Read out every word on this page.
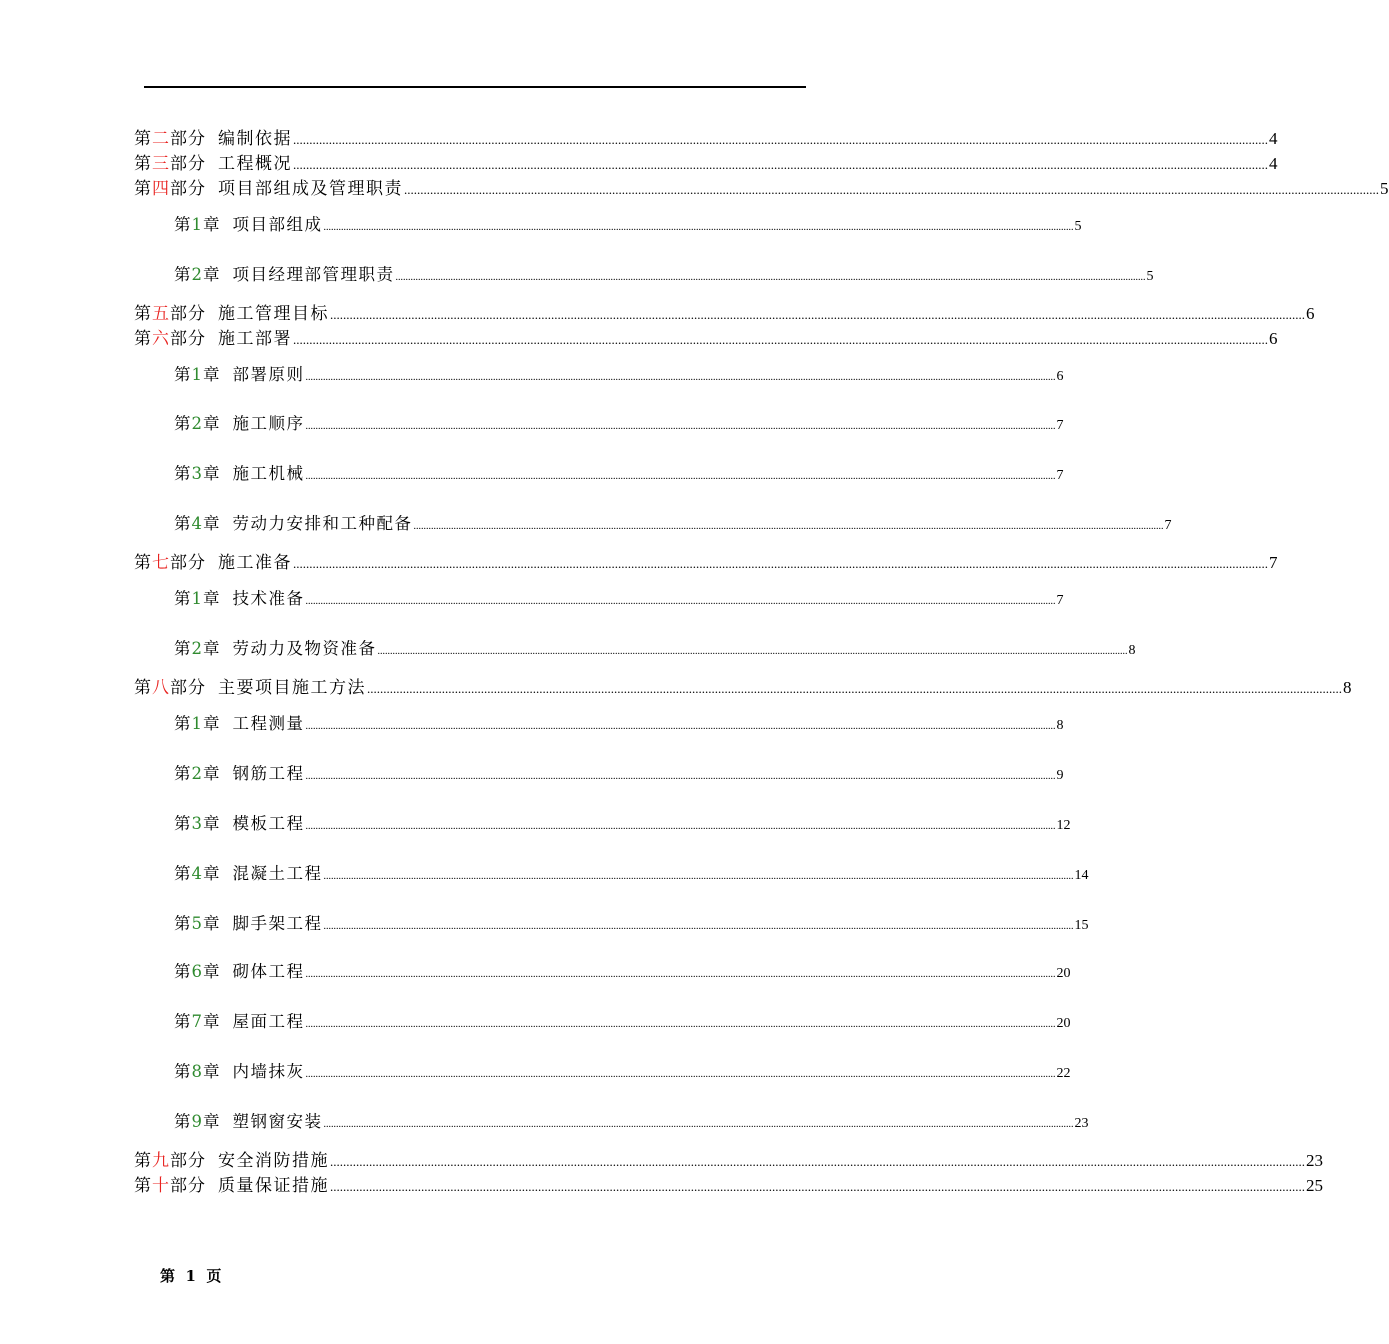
第二部分 编制依据 ............................................................................................................................................................................................................................................................................................................ 4
第三部分 工程概况 ............................................................................................................................................................................................................................................................................................................ 4
第四部分 项目部组成及管理职责 ............................................................................................................................................................................................................................................................................................................ 5
第1章 项目部组成 ............................................................................................................................................................................................................................................................................................................ 5
第2章 项目经理部管理职责 ............................................................................................................................................................................................................................................................................................................ 5
第五部分 施工管理目标 ............................................................................................................................................................................................................................................................................................................ 6
第六部分 施工部署 ............................................................................................................................................................................................................................................................................................................ 6
第1章 部署原则 ............................................................................................................................................................................................................................................................................................................ 6
第2章 施工顺序 ............................................................................................................................................................................................................................................................................................................ 7
第3章 施工机械 ............................................................................................................................................................................................................................................................................................................ 7
第4章 劳动力安排和工种配备 ............................................................................................................................................................................................................................................................................................................ 7
第七部分 施工准备 ............................................................................................................................................................................................................................................................................................................ 7
第1章 技术准备 ............................................................................................................................................................................................................................................................................................................ 7
第2章 劳动力及物资准备 ............................................................................................................................................................................................................................................................................................................ 8
第八部分 主要项目施工方法 ............................................................................................................................................................................................................................................................................................................ 8
第1章 工程测量 ............................................................................................................................................................................................................................................................................................................ 8
第2章 钢筋工程 ............................................................................................................................................................................................................................................................................................................ 9
第3章 模板工程 ............................................................................................................................................................................................................................................................................................................ 12
第4章 混凝土工程 ............................................................................................................................................................................................................................................................................................................ 14
第5章 脚手架工程 ............................................................................................................................................................................................................................................................................................................ 15
第6章 砌体工程 ............................................................................................................................................................................................................................................................................................................ 20
第7章 屋面工程 ............................................................................................................................................................................................................................................................................................................ 20
第8章 内墙抹灰 ............................................................................................................................................................................................................................................................................................................ 22
第9章 塑钢窗安装 ............................................................................................................................................................................................................................................................................................................ 23
第九部分 安全消防措施 ............................................................................................................................................................................................................................................................................................................ 23
第十部分 质量保证措施 ............................................................................................................................................................................................................................................................................................................ 25
第  1  页
